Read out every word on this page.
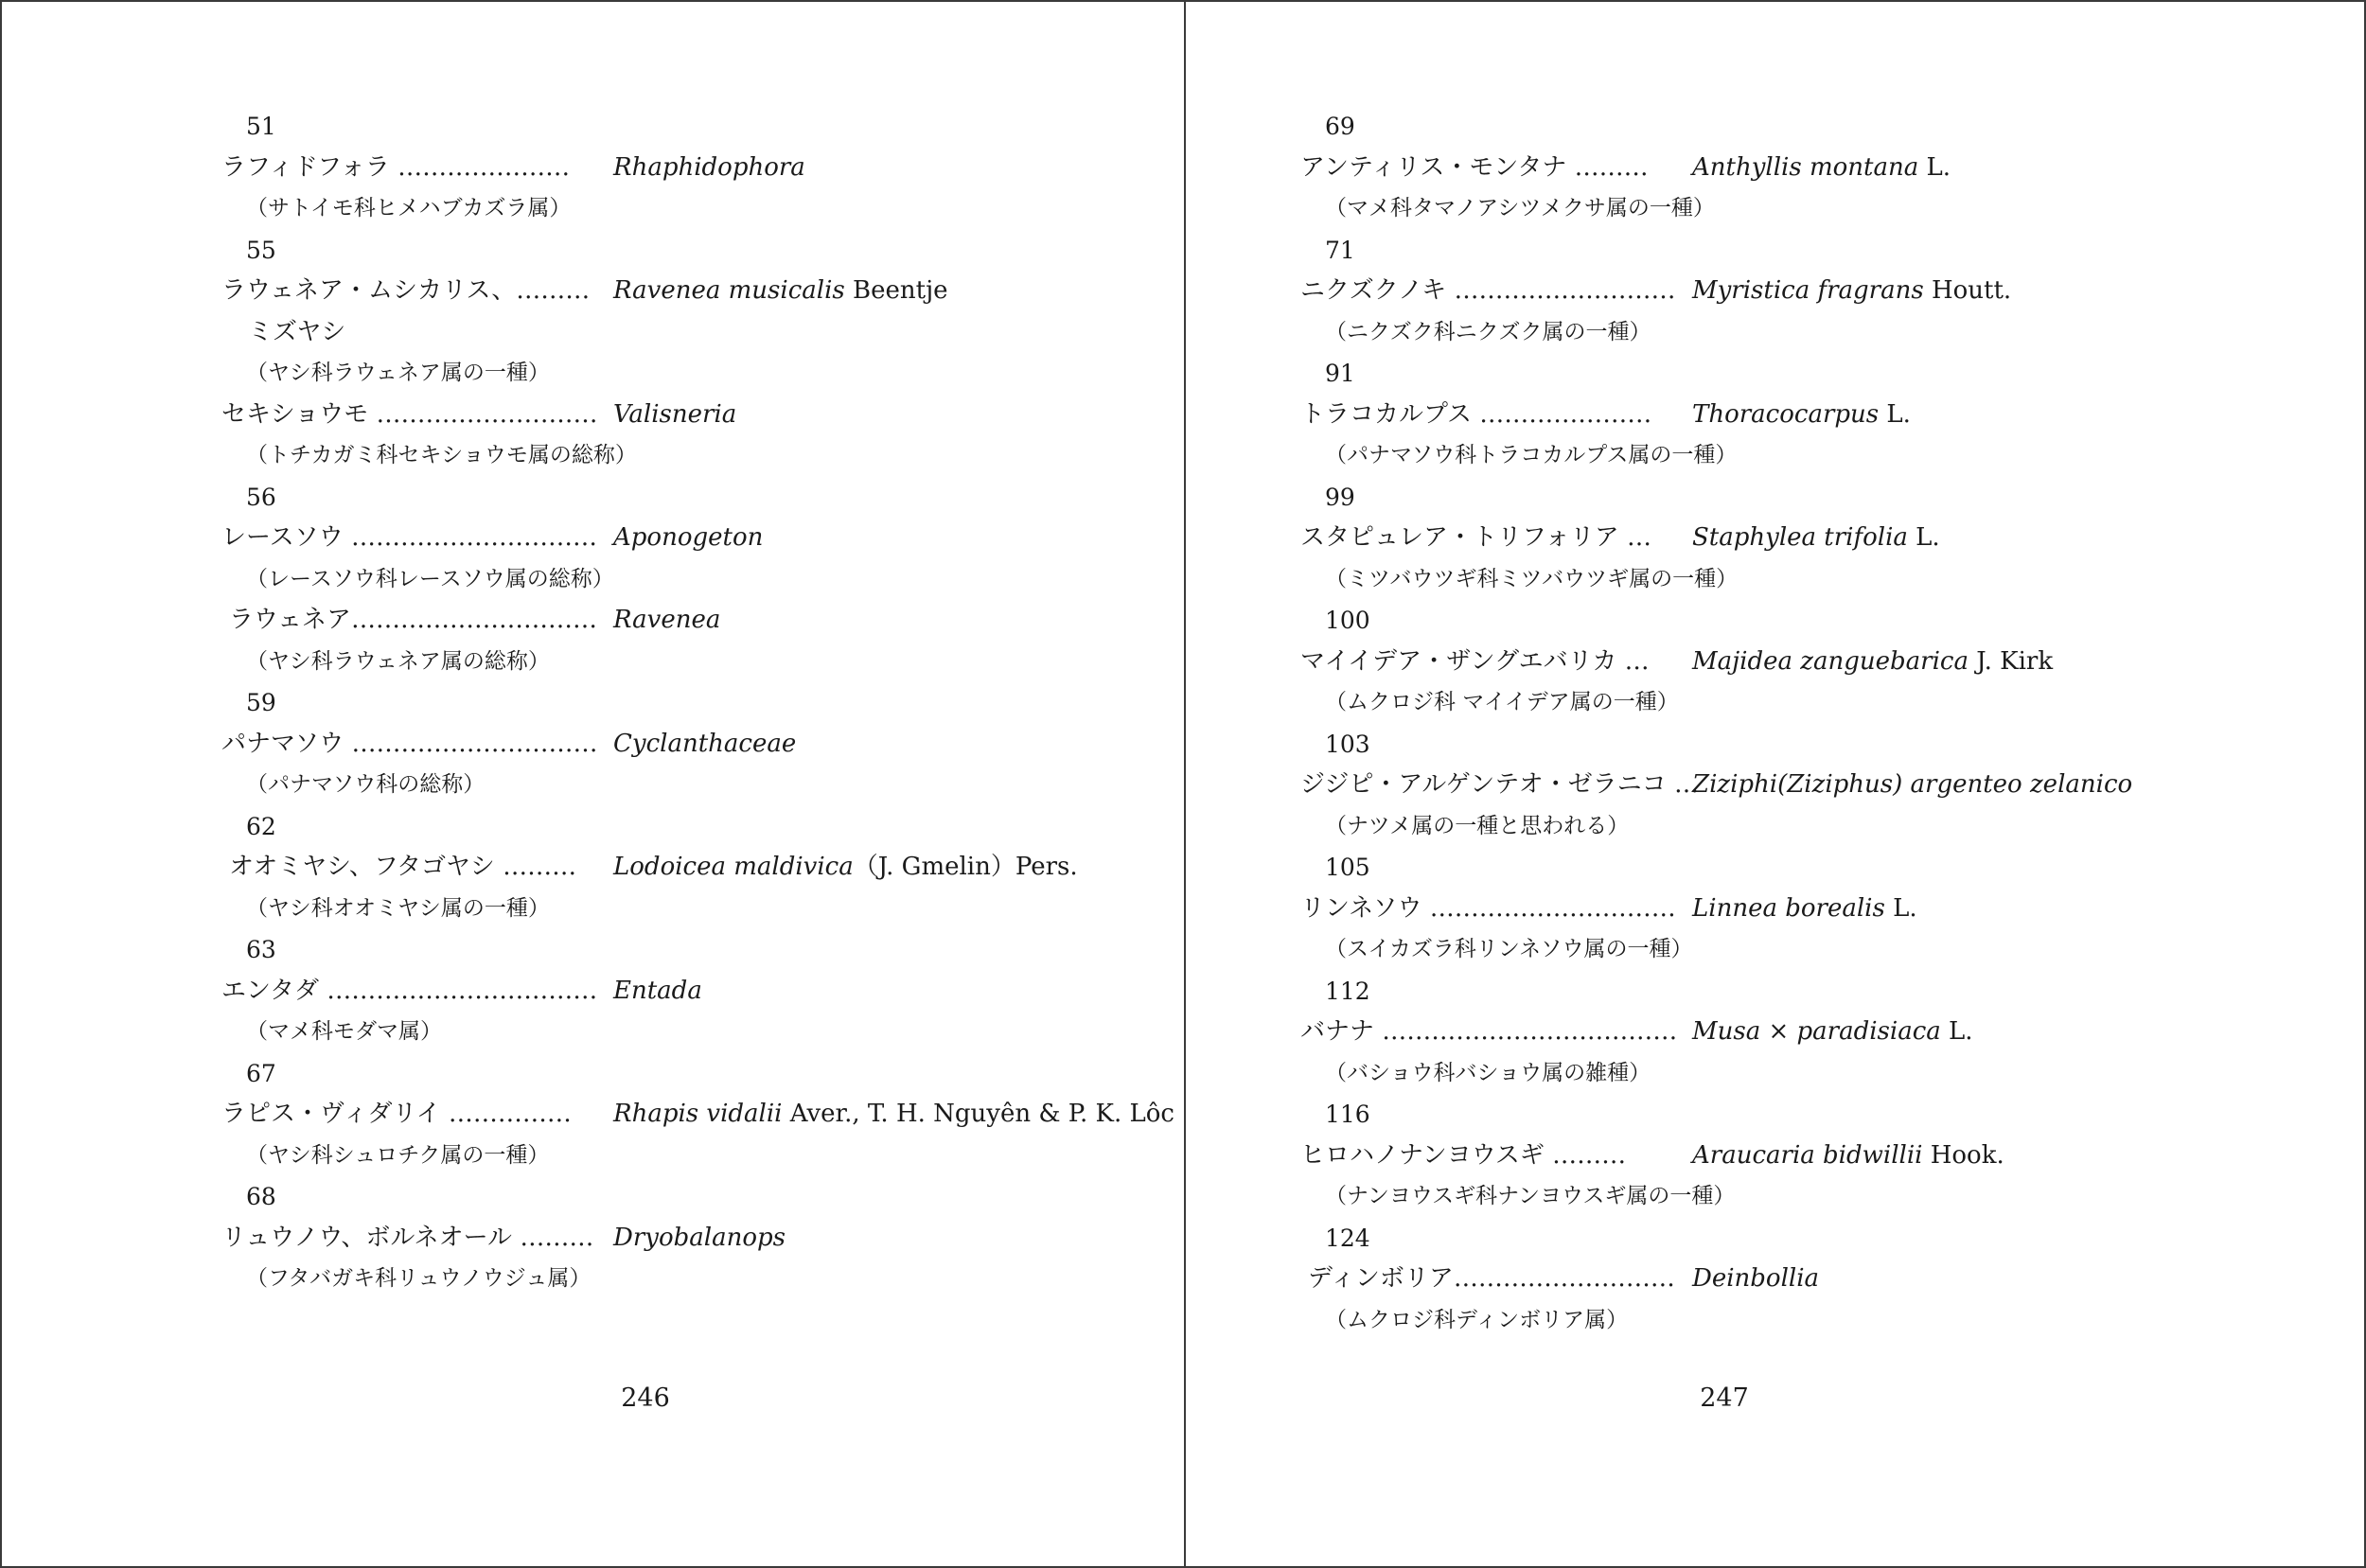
51
ラフィドフォラ ………………… Rhaphidophora
（サトイモ科ヒメハブカズラ属）
55
ラウェネア・ムシカリス、……… Ravenea musicalis Beentje
ミズヤシ
（ヤシ科ラウェネア属の一種）
セキショウモ ……………………… Valisneria
（トチカガミ科セキショウモ属の総称）
56
レースソウ ………………………… Aponogeton
（レースソウ科レースソウ属の総称）
ラウェネア………………………… Ravenea
（ヤシ科ラウェネア属の総称）
59
パナマソウ ………………………… Cyclanthaceae
（パナマソウ科の総称）
62
オオミヤシ、フタゴヤシ ……… Lodoicea maldivica（J. Gmelin）Pers.
（ヤシ科オオミヤシ属の一種）
63
エンタダ …………………………… Entada
（マメ科モダマ属）
67
ラピス・ヴィダリイ …………… Rhapis vidalii Aver., T. H. Nguyên & P. K. Lôc
（ヤシ科シュロチク属の一種）
68
リュウノウ、ボルネオール ……… Dryobalanops
（フタバガキ科リュウノウジュ属）
69
アンティリス・モンタナ ……… Anthyllis montana L.
（マメ科タマノアシツメクサ属の一種）
71
ニクズクノキ ……………………… Myristica fragrans Houtt.
（ニクズク科ニクズク属の一種）
91
トラコカルプス ………………… Thoracocarpus L.
（パナマソウ科トラコカルプス属の一種）
99
スタピュレア・トリフォリア … Staphylea trifolia L.
（ミツバウツギ科ミツバウツギ属の一種）
100
マイイデア・ザングエバリカ … Majidea zanguebarica J. Kirk
（ムクロジ科 マイイデア属の一種）
103
ジジピ・アルゲンテオ・ゼラニコ …
Ziziphi(Ziziphus) argenteo zelanico
（ナツメ属の一種と思われる）
105
リンネソウ ………………………… Linnea borealis L.
（スイカズラ科リンネソウ属の一種）
112
バナナ ……………………………… Musa × paradisiaca L.
（バショウ科バショウ属の雑種）
116
ヒロハノナンヨウスギ ………	Araucaria bidwillii Hook.
（ナンヨウスギ科ナンヨウスギ属の一種）
124
ディンボリア……………………… Deinbollia
（ムクロジ科ディンボリア属）
246	247
